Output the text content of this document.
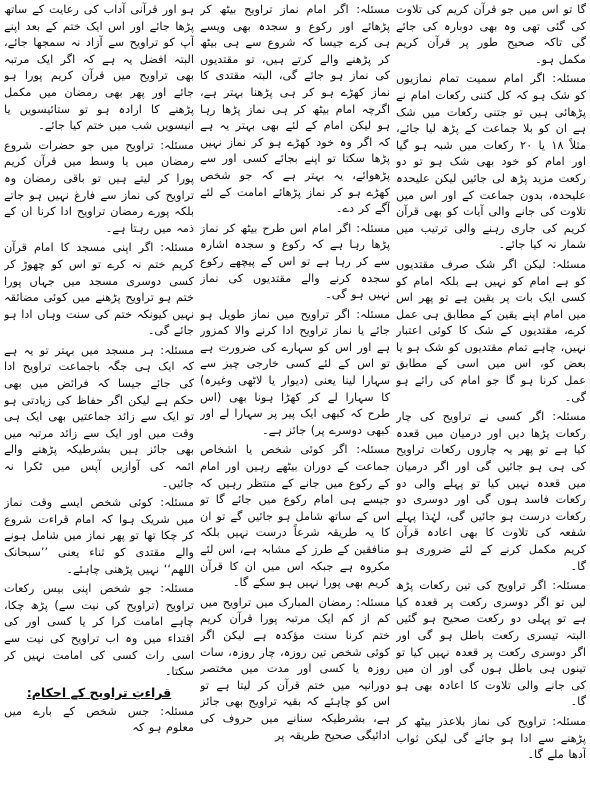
گا تو اس میں جو قرآن کریم کی تلاوت کی گئی تھی وہ بھی دوبارہ کی جائے گی تاکہ صحیح طور پر قرآن کریم مکمل ہو۔

مسئلہ: اگر امام سمیت تمام نمازیوں کو شک ہو کہ کل کتنی رکعات امام نے پڑھائی ہیں تو جتنی رکعات میں شک ہے ان کو بلا جماعت کے پڑھ لیا جائے، مثلاً ۱۸ یا ۲۰ رکعات میں شبہ ہو گیا اور امام کو خود بھی شک ہو تو دو رکعت مزید پڑھ لی جائیں لیکن علیحدہ علیحدہ، بدون جماعت کے اور اس میں تلاوت کی جانے والی آیات کو بھی قرآن کریم کی جاری رہنے والی ترتیب میں شمار نہ کیا جائے۔

مسئلہ: لیکن اگر شک صرف مقتدیوں کو ہے امام کو نہیں ہے بلکہ امام کو کسی ایک بات پر یقین ہے تو پھر اس میں امام اپنے یقین کے مطابق ہی عمل کرے، مقتدیوں کے شک کا کوئی اعتبار نہیں، چاہے تمام مقتدیوں کو شک ہو یا بعض کو، اس میں اسی کے مطابق عمل کرنا ہو گا جو امام کی رائے ہو گی۔

مسئلہ: اگر کسی نے تراویح کی چار رکعات پڑھا دیں اور درمیان میں قعدہ کیا ہے تو پھر یہ چاروں رکعات تراویح کی ہی ہو جائیں گی اور اگر درمیان میں قعدہ نہیں کیا تو پہلے والی دو رکعات فاسد ہوں گی اور دوسری دو رکعات درست ہو جائیں گی، لہٰذا پہلے شفعہ کی تلاوت کا بھی اعادہ قرآن کریم مکمل کرنے کے لئے ضروری ہو گا۔

مسئلہ: اگر تراویح کی تین رکعات پڑھ لیں تو اگر دوسری رکعت پر قعدہ کیا ہے تو پہلی دو رکعت صحیح ہو گئیں البتہ تیسری رکعت باطل ہو گی اور اگر دوسری رکعت پر قعدہ نہیں کیا تو تینوں ہی باطل ہوں گی اور ان میں کی جانے والی تلاوت کا اعادہ بھی ہو گا۔

مسئلہ: تراویح کی نماز بلاعذر بیٹھ کر پڑھنے سے ادا ہو جائے گی لیکن ثواب آدھا ملے گا۔

مسئلہ: اگر امام نماز تراویح بیٹھ کر پڑھائے اور رکوع و سجدہ بھی ویسے ہی کرے جیسا کہ شروع سے ہی بیٹھ کر پڑھنے والے کرتے ہیں، تو مقتدیوں کی نماز ہو جائے گی، البتہ مقتدی کا نماز کھڑے ہو کر ہی پڑھنا بہتر ہے، اگرچہ امام بیٹھ کر ہی نماز پڑھا رہا ہو لیکن امام کے لئے بھی بہتر یہ ہے کہ اگر وہ خود کھڑے ہو کر نماز نہیں پڑھا سکتا تو اپنے بجائے کسی اور سے پڑھوائے، یہ بہتر ہے کہ جو شخص کھڑے ہو کر نماز پڑھائے امامت کے لئے آگے کر دے۔

مسئلہ: اگر امام اس طرح بیٹھ کر نماز پڑھا رہا ہے کہ رکوع و سجدہ اشارہ سے کر رہا ہے تو اس کے پیچھے رکوع سجدہ کرنے والے مقتدیوں کی نماز نہیں ہو گی۔

مسئلہ: اگر تراویح میں نماز طویل ہو جائے یا نماز تراویح ادا کرنے والا کمزور ہے اور اس کو سہارے کی ضرورت ہے تو اس کے لئے کسی خارجی چیز سے سہارا لینا یعنی (دیوار یا لاٹھی وغیرہ) کا سہارا لے کر کھڑا ہونا بھی (اس طرح کہ کبھی ایک پیر پر سہارا لے اور کبھی دوسرے پر) جائز ہے۔

مسئلہ: اگر کوئی شخص یا اشخاص جماعت کے دوران بیٹھے رہیں اور امام کے رکوع میں جانے کے منتظر رہیں کہ جیسے ہی امام رکوع میں جائے گا تو اس کے ساتھ شامل ہو جائیں گے تو ان کا یہ طریقہ شرعاً درست نہیں بلکہ منافقین کے طرز کے مشابہ ہے، اس لئے مکروہ ہے جبکہ اس میں ان کا قرآن کریم بھی پورا نہیں ہو سکے گا۔

مسئلہ: رمضان المبارک میں تراویح میں کم از کم ایک مرتبہ پورا قرآن کریم ختم کرنا سنت مؤکدہ ہے لیکن اگر کوئی شخص تین روزہ، چار روزہ، سات روزہ یا کسی اور مدت میں مختصر دورانیہ میں ختم قرآن کر لیتا ہے تو اس کو چاہئے کہ بقیہ تراویح بھی جائز ہے، بشرطیکہ سنانے میں حروف کی ادائیگی صحیح طریقہ پر

ہو اور قرآنی آداب کی رعایت کے ساتھ پڑھا جائے اور اس ایک ختم کے بعد اپنے آپ کو تراویح سے آزاد نہ سمجھا جائے، البتہ افضل یہ ہے کہ اگر ایک مرتبہ بھی تراویح میں قرآن کریم پورا ہو جائے اور پھر بھی رمضان میں مکمل پڑھنے کا ارادہ ہو تو ستائیسویں یا انیسویں شب میں ختم کیا جائے۔

مسئلہ: تراویح میں جو حضرات شروع رمضان میں یا وسط میں قرآن کریم پورا کر لیتے ہیں تو باقی رمضان وہ تراویح کی نماز سے فارغ نہیں ہو جاتے بلکہ پورے رمضان تراویح ادا کرنا ان کے ذمہ میں رہتا ہے۔

مسئلہ: اگر اپنی مسجد کا امام قرآن کریم ختم نہ کرے تو اس کو چھوڑ کر کسی دوسری مسجد میں جہاں پورا ختم ہو تراویح پڑھنے میں کوئی مضائقہ نہیں کیونکہ ختم کی سنت وہاں ادا ہو جائے گی۔

مسئلہ: ہر مسجد میں بہتر تو یہ ہے کہ ایک ہی جگہ باجماعت تراویح ادا کی جائے جیسا کہ فرائض میں بھی حکم ہے لیکن اگر حفاظ کی زیادتی ہو تو ایک سے زائد جماعتیں بھی ایک ہی وقت میں اور ایک سے زائد مرتبہ میں بھی جائز ہیں بشرطیکہ پڑھنے والے ائمہ کی آوازیں آپس میں ٹکرا نہ جائیں۔

مسئلہ: کوئی شخص ایسے وقت نماز میں شریک ہوا کہ امام قراءت شروع کر چکا تھا تو پھر نماز میں شامل ہونے والے مقتدی کو ثناء یعنی ’’سبحانک اللھم‘‘ نہیں پڑھنی چاہئے۔

مسئلہ: جو شخص اپنی بیس رکعات تراویح (تراویح کی نیت سے) پڑھ چکا، چاہے امامت کرا کر یا کسی اور کی اقتداء میں وہ اب تراویح کی نیت سے اسی رات کسی کی امامت نہیں کر سکتا۔

قراءتِ تراویح کے احکام:

مسئلہ: جس شخص کے بارے میں معلوم ہو کہ
